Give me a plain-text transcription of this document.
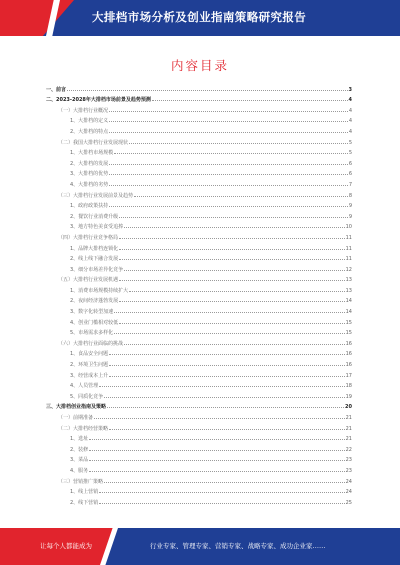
大排档市场分析及创业指南策略研究报告
内容目录
一、前言	3
二、2023-2028年大排档市场前景及趋势预测	4
（一）大排档行业概况	4
1、大排档的定义	4
2、大排档的特点	4
（二）我国大排档行业发展现状	5
1、大排档市场规模	5
2、大排档的发展	6
3、大排档的优势	6
4、大排档的劣势	7
（三）大排档行业发展前景及趋势	8
1、政府政策扶持	9
2、餐饮行业消费升级	9
3、地方特色美食受追捧	10
（四）大排档行业竞争格局	11
1、品牌大排档连锁化	11
2、线上线下融合发展	11
3、细分市场差异化竞争	12
（五）大排档行业发展机遇	13
1、消费市场规模持续扩大	13
2、夜间经济蓬勃发展	14
3、数字化转型加速	14
4、创业门槛相对较低	15
5、市场需求多样化	15
（六）大排档行业面临的挑战	16
1、食品安全问题	16
2、环境卫生问题	16
3、经营成本上升	17
4、人员管理	18
5、同质化竞争	19
三、大排档创业指南及策略	20
（一）前期准备	21
（二）大排档经营策略	21
1、选址	21
2、装修	22
3、菜品	23
4、服务	23
（三）营销推广策略	24
1、线上营销	24
2、线下营销	25
让每个人都能成为	行业专家、管理专家、营销专家、战略专家、成功企业家……
